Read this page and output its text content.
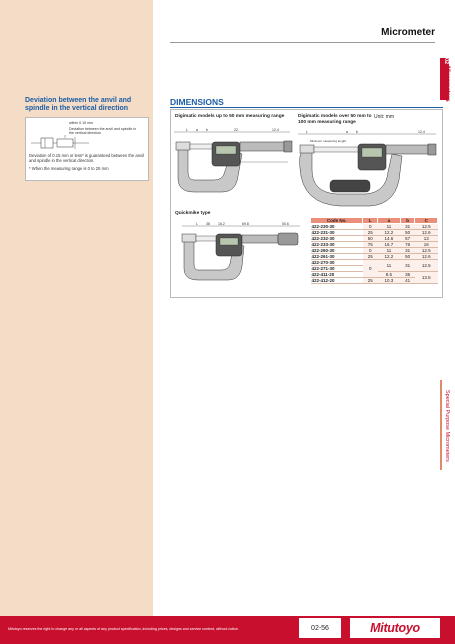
Micrometer
02
Micrometers
Special Purpose Micrometers
Deviation between the anvil and spindle in the vertical direction
within 0.15 mm
Deviation between the anvil and spindle in the vertical direction
Deviation of 0.15 mm or less* is guaranteed between the anvil and spindle in the vertical direction.
* When the measuring range is 0 to 25 mm
DIMENSIONS
Digimatic models up to 50 mm measuring range	Digimatic models over 50 mm to 100 mm measuring range
Unit: mm
L a b	22	12.4	L	a b	12.4
Minimum measuring length
Quickmike type
L 38 16.2	69.8	50.6
Code No.	L	a	b	C
422-230-30	0	11	31	12.5
422-231-30	25	12.2	50	12.6
422-232-30	50	14.6	57	13
422-233-30	75	16.7	76	16
422-260-30	0	11	31	12.5
422-261-30	25	12.2	50	12.6
422-270-30	0	11	31	12.5
422-271-30				
422-411-20		8.5	36	13.5
422-412-20	25	10.3	41	
Mitutoyo reserves the right to change any or all aspects of any product specification, including prices, designs and service content, without notice.	02-56	Mitutoyo
